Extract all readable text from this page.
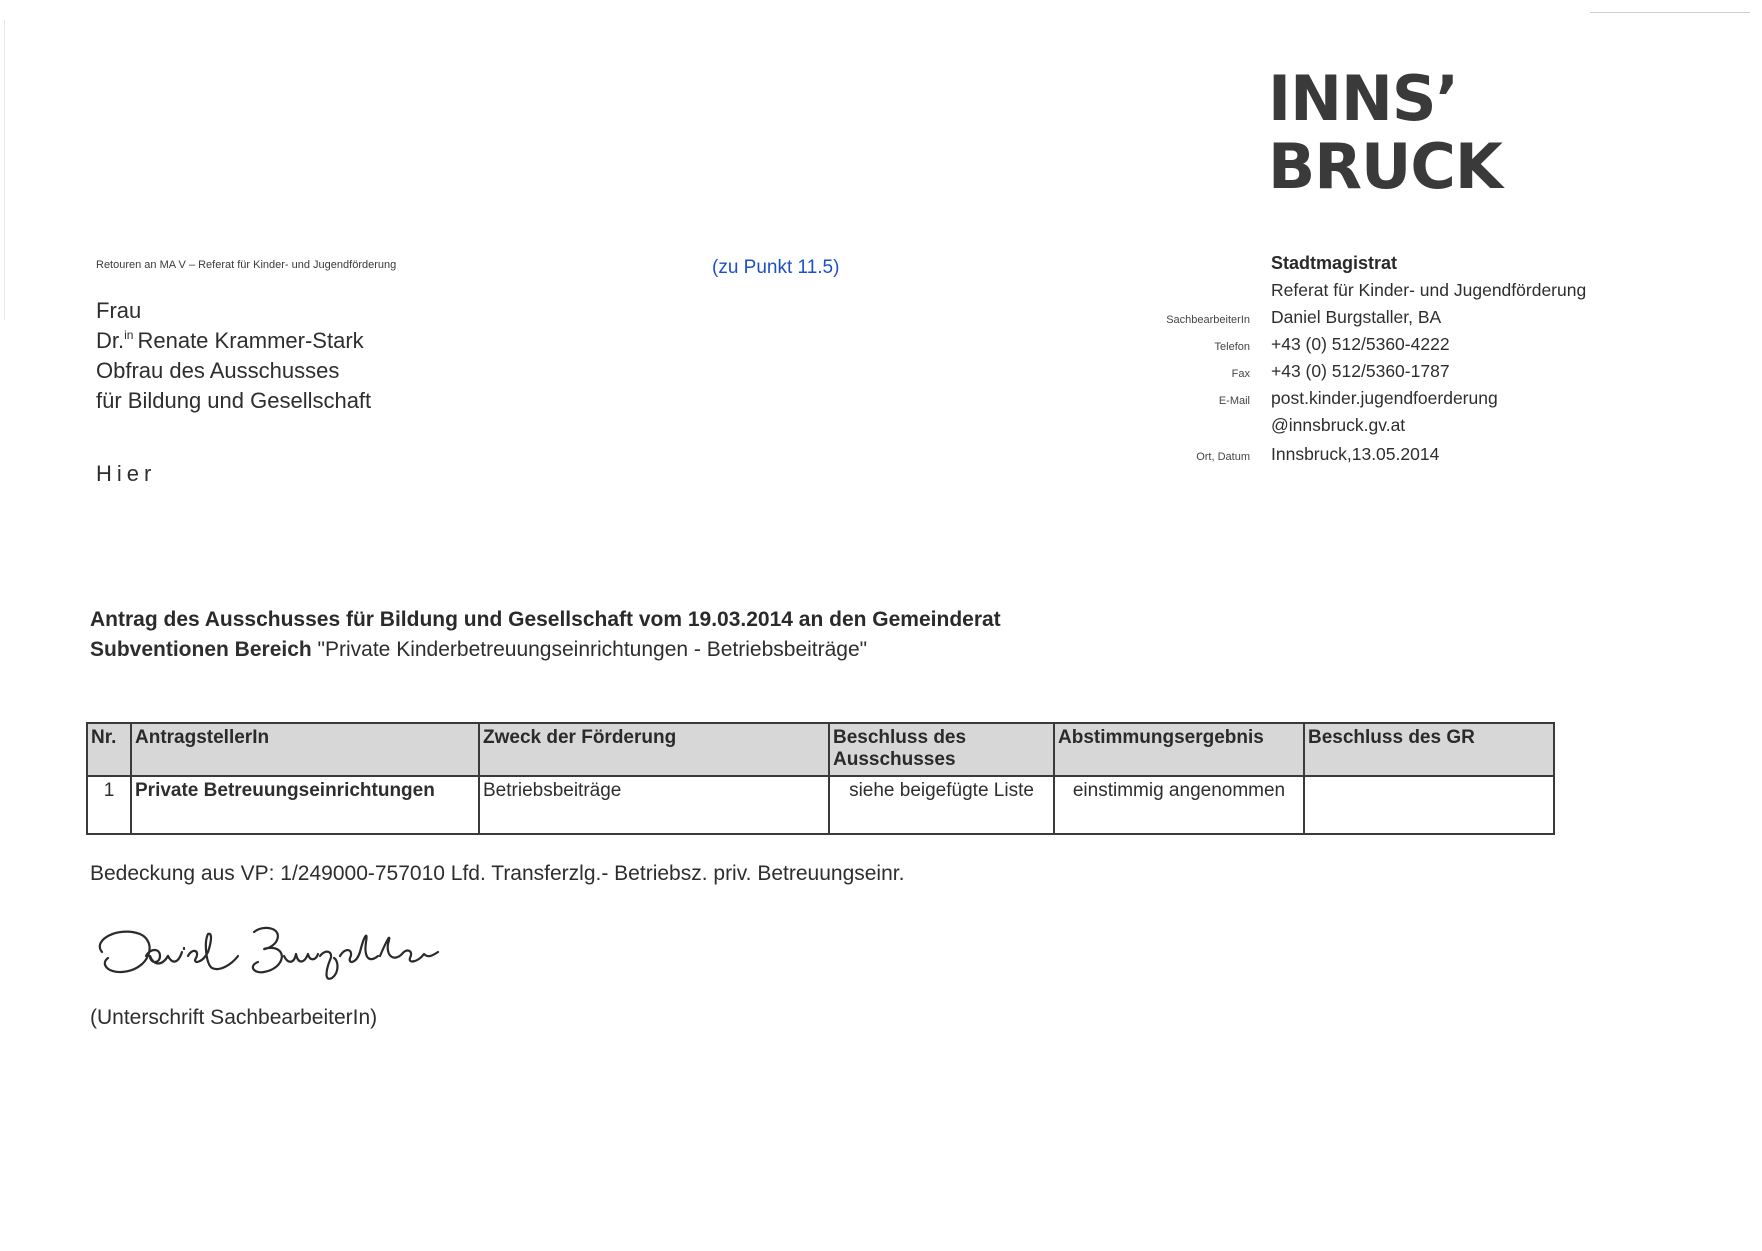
INNS’
BRUCK
Retouren an MA V – Referat für Kinder- und Jugendförderung	(zu Punkt 11.5)
Frau
Dr.$^{in}$ Renate Krammer-Stark
Obfrau des Ausschusses
für Bildung und Gesellschaft
Hier
Stadtmagistrat
Referat für Kinder- und Jugendförderung
SachbearbeiterIn Daniel Burgstaller, BA
Telefon +43 (0) 512/5360-4222
Fax +43 (0) 512/5360-1787
E-Mail post.kinder.jugendfoerderung
@innsbruck.gv.at
Ort, Datum Innsbruck,13.05.2014
Antrag des Ausschusses für Bildung und Gesellschaft vom 19.03.2014 an den Gemeinderat
Subventionen Bereich "Private Kinderbetreuungseinrichtungen - Betriebsbeiträge"
Nr.	AntragstellerIn	Zweck der Förderung	Beschluss des Ausschusses	Abstimmungsergebnis	Beschluss des GR
1	Private Betreuungseinrichtungen	Betriebsbeiträge	siehe beigefügte Liste	einstimmig angenommen	
Bedeckung aus VP: 1/249000-757010 Lfd. Transferzlg.- Betriebsz. priv. Betreuungseinr.
(Unterschrift SachbearbeiterIn)
